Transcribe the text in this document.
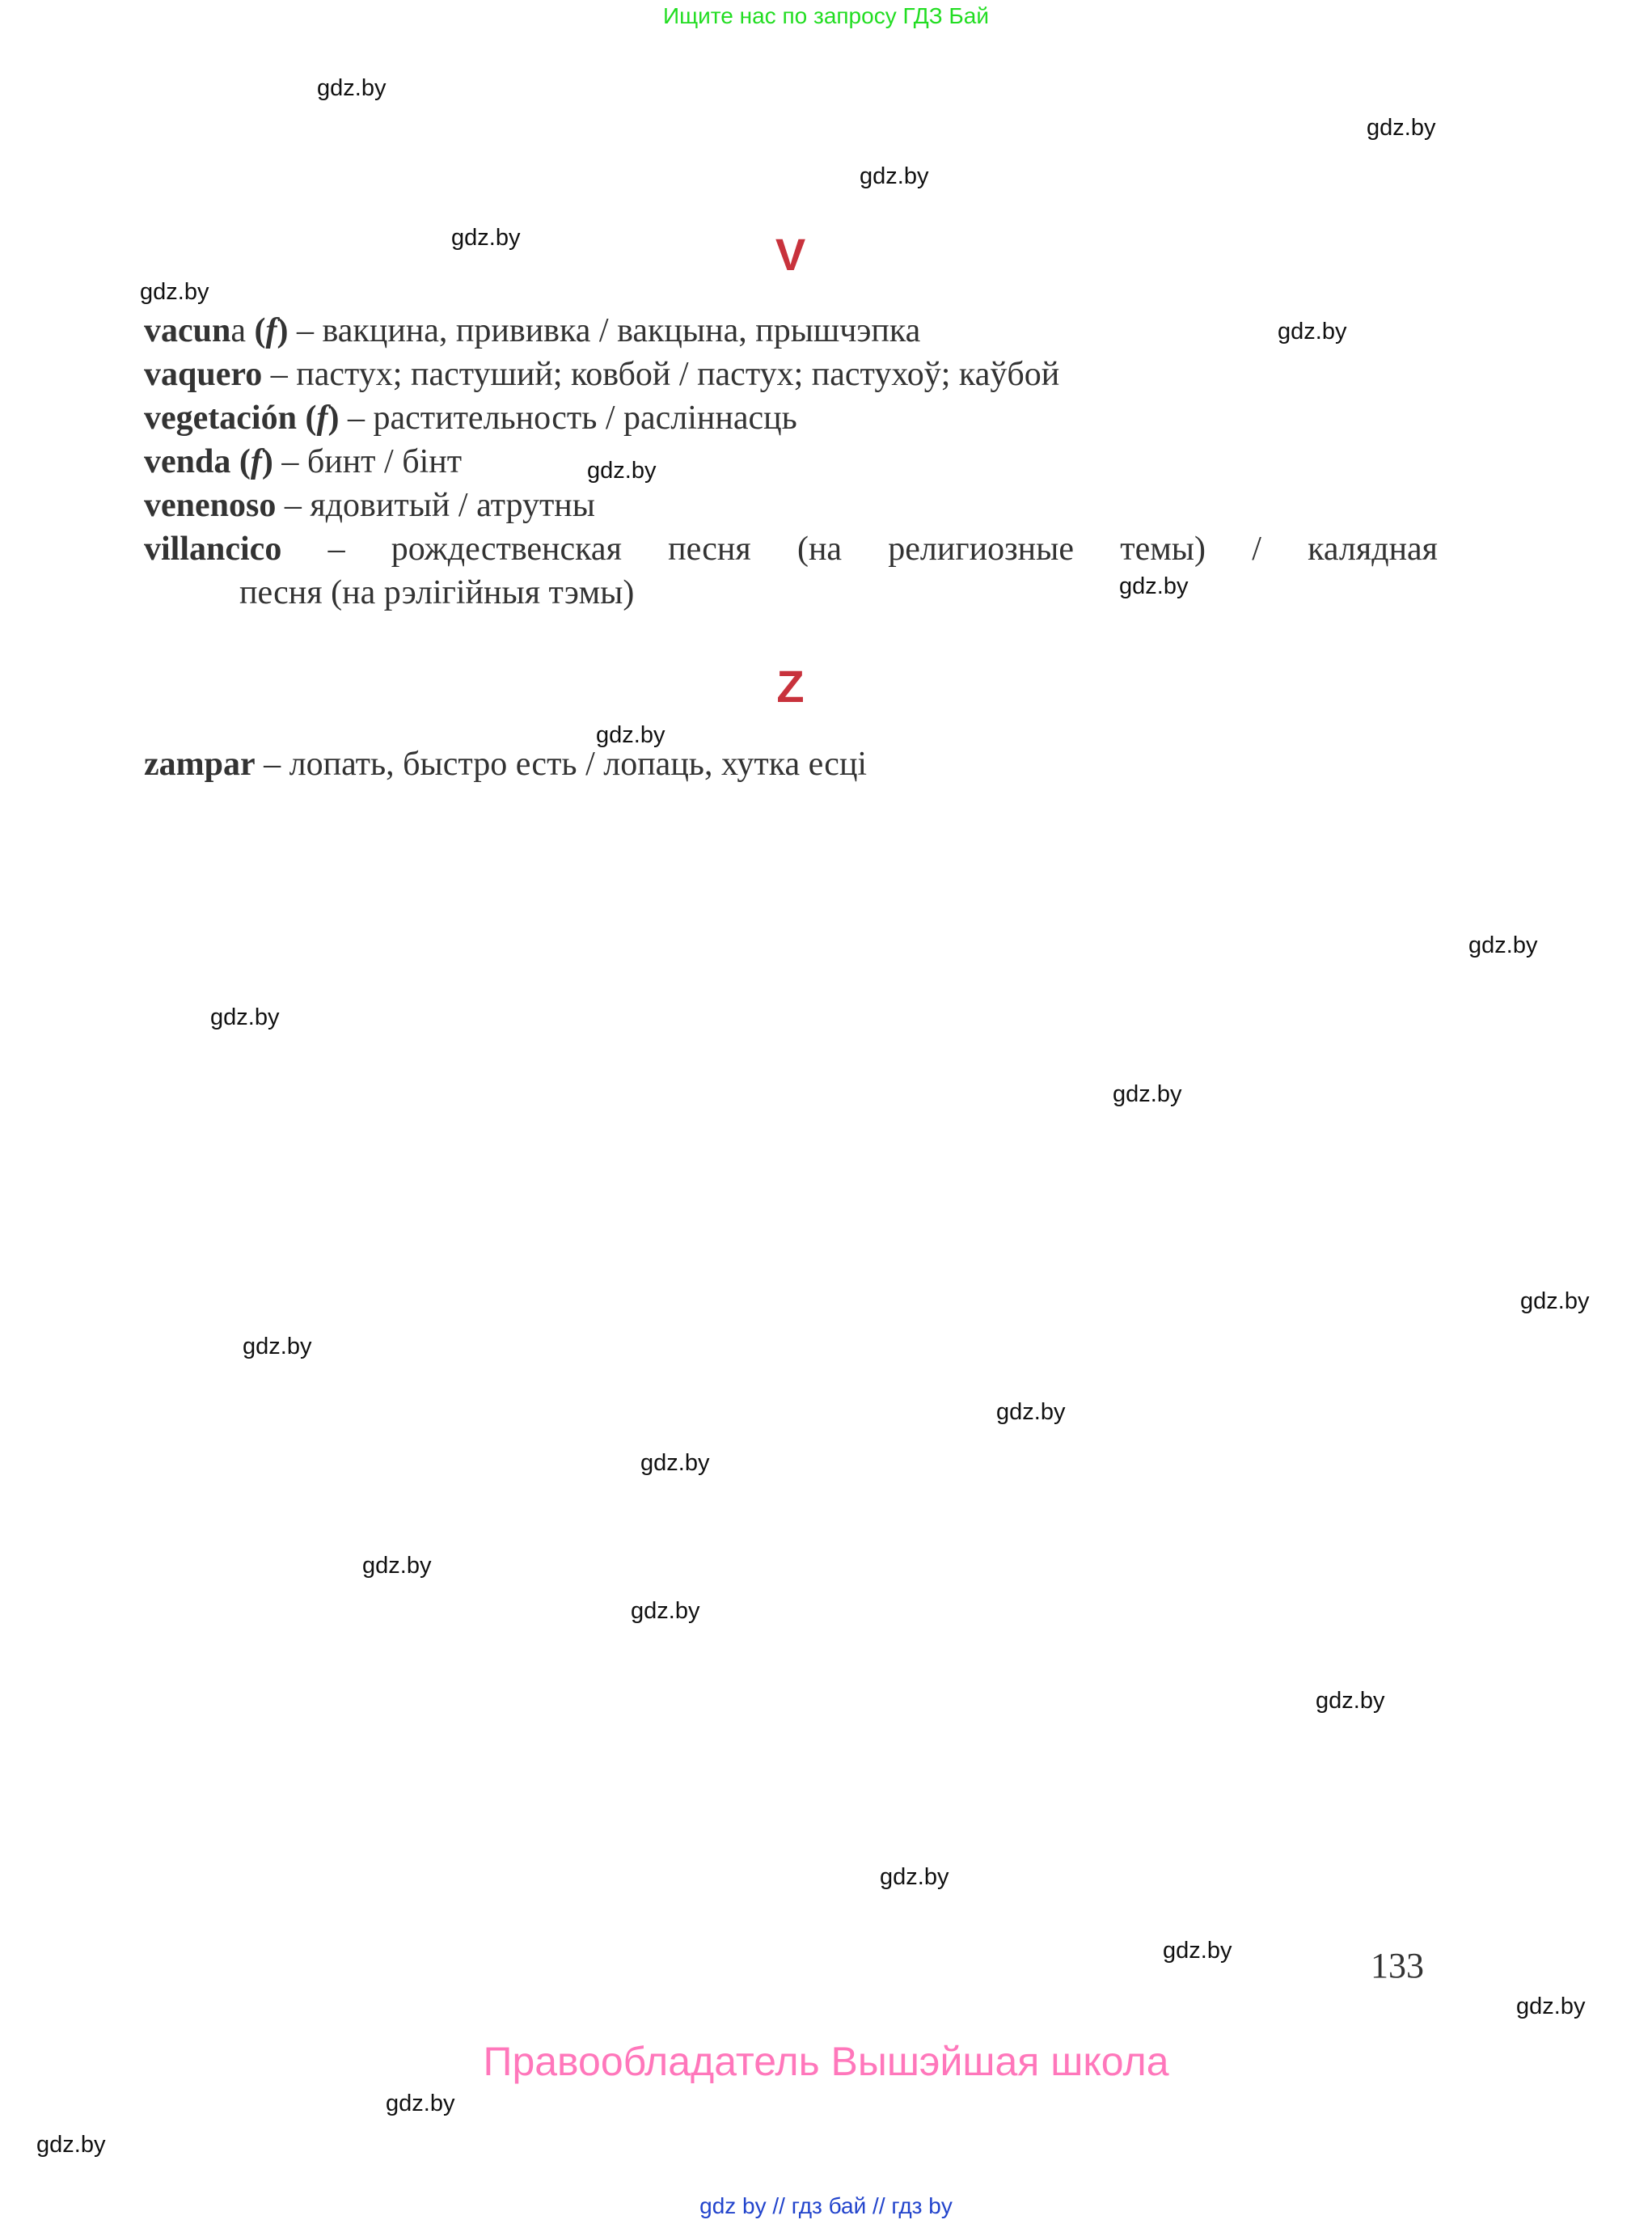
Ищите нас по запросу ГДЗ Бай
gdz.by
gdz.by
gdz.by
gdz.by
gdz.by
gdz.by
gdz.by
gdz.by
gdz.by
gdz.by
gdz.by
gdz.by
gdz.by
gdz.by
gdz.by
gdz.by
gdz.by
gdz.by
gdz.by
gdz.by
gdz.by
gdz.by
gdz.by
gdz.by
V
vacuna (f) – вакцина, прививка / вакцына, прышчэпка
vaquero – пастух; пастуший; ковбой / пастух; пастухоў; каўбой
vegetación (f) – растительность / расліннасць
venda (f) – бинт / бінт
venenoso – ядовитый / атрутны
villancico – рождественская песня (на религиозные темы) / калядная
песня (на рэлігійныя тэмы)
Z
zampar – лопать, быстро есть / лопаць, хутка есці
133
Правообладатель Вышэйшая школа
gdz by // гдз бай // гдз by
